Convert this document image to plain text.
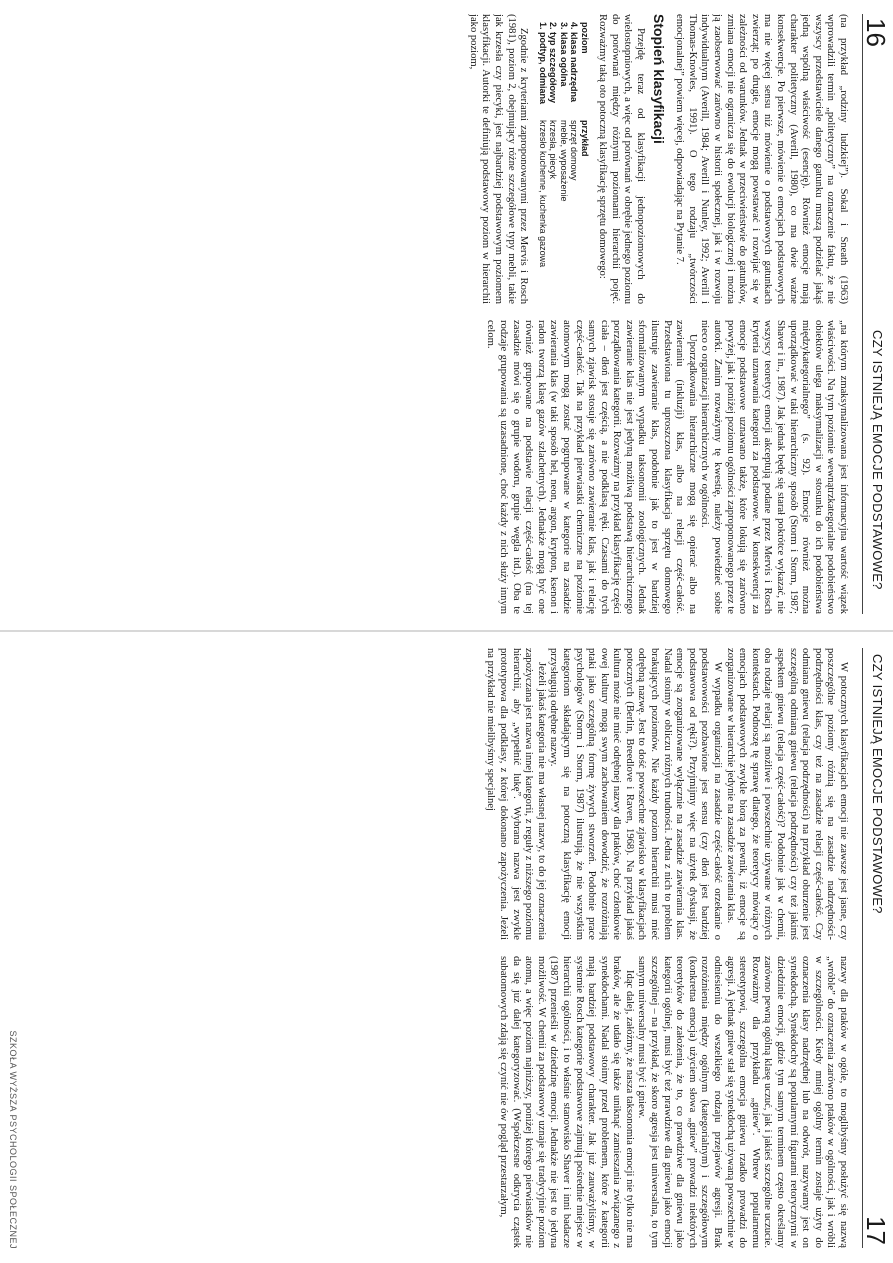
16
CZY ISTNIEJĄ EMOCJE PODSTAWOWE?

(na przykład „rodziny ludzkiej”). Sokal i Sneath (1963) wprowadzili termin „politetyczny” na oznaczenie faktu, że nie wszyscy przedstawiciele danego gatunku muszą podzielać jakąś jedną wspólną właściwość (esencję). Również emocje mają charakter politetyczny (Averill, 1980), co ma dwie ważne konsekwencje. Po pierwsze, mówienie o emocjach podstawowych ma nie więcej sensu niż mówienie o podstawowych gatunkach zwierząt; po drugie, emocje mogą powstawać i rozwijać się w zależności od warunków. Jednak w przeciwieństwie do gatunków, zmiana emocji nie ogranicza się do ewolucji biologicznej i można ją zaobserwować zarówno w historii społecznej, jak i w rozwoju indywidualnym (Averill, 1984; Averill i Nunley, 1992; Averill i Thomas-Knowles, 1991). O tego rodzaju „twórczości emocjonalnej” powiem więcej, odpowiadając na Pytanie 7.

Stopień klasyfikacji

Przejdę teraz od klasyfikacji jednopoziomowych do wielostopniowych, a więc od porównań w obrębie jednego poziomu do porównań między różnymi poziomami hierarchii pojęć. Rozważmy taką oto potoczną klasyfikację sprzętu domowego:

poziom	przykład
4. klasa nadrzędna	sprzęt domowy
3. klasa ogólna	meble, wyposażenie
2. typ szczegółowy	krzesła, piecyk
1. podtyp, odmiana	krzesło kuchenne, kuchenka gazowa

Zgodnie z kryteriami zaproponowanymi przez Mervis i Rosch (1981), poziom 2, obejmujący różne szczegółowe typy mebli, takie jak krzesła czy piecyki, jest najbardziej podstawowym poziomem klasyfikacji. Autorki te definiują podstawowy poziom w hierarchii jako poziom,

„na którym zmaksymalizowana jest informacyjna wartość wiązek właściwości. Na tym poziomie wewnątrzkategorialne podobieństwo obiektów ulega maksymalizacji w stosunku do ich podobieństwa międzykategorialnego” (s. 92). Emocje również można uporządkować w taki hierarchiczny sposób (Storm i Storm, 1987; Shaver i in., 1987). Jak jednak będę się starał pokrótce wykazać, nie wszyscy teoretycy emocji akceptują podane przez Mervis i Rosch kryteria uznawania kategorii za podstawowe. W konsekwencji za emocje podstawowe uznawano także, które lokują się zarówno powyżej, jak i poniżej poziomu ogólności zaproponowanego przez te autorki. Zanim rozważymy tę kwestię, należy powiedzieć sobie nieco o organizacji hierarchicznych w ogólności.

Uporządkowania hierarchiczne mogą się opierać albo na zawieraniu (inkluzji) klas, albo na relacji część-całość. Przedstawiona tu uproszczona klasyfikacja sprzętu domowego ilustruje zawieranie klas, podobnie jak to jest w bardziej sformalizowanym wypadku taksonomii zoologicznych. Jednak zawieranie klas nie jest jedyną możliwą podstawą hierarchicznego porządkowania kategorii. Rozważmy na przykład klasyfikację części ciała – dłoń jest częścią, a nie podklasą ręki. Czasami do tych samych zjawisk stosuje się zarówno zawieranie klas, jak i relację część-całość. Tak na przykład pierwiastki chemiczne na poziomie atomowym mogą zostać pogrupowane w kategorie na zasadzie zawierania klas (w taki sposób hel, neon, argon, krypton, ksenon i radon tworzą klasę gazów szlachetnych). Jednakże mogą być one również grupowane na podstawie relacji część-całość (na tej zasadzie mówi się o grupie wodoru, grupie węgla itd.). Oba te rodzaje grupowania są uzasadnione, choć każdy z nich służy innym celom.

CZY ISTNIEJĄ EMOCJE PODSTAWOWE?
17

W potocznych klasyfikacjach emocji nie zawsze jest jasne, czy poszczególne poziomy różnią się na zasadzie nadrzędności-podrzędności klas, czy też na zasadzie relacji część-całość. Czy odmiana gniewu (relacja podrzędności) na przykład oburzenie jest szczególną odmianą gniewu (relacja podrzędności) czy też jakimś aspektem gniewu (relacja część-całość)? Podobnie jak w chemii, oba rodzaje relacji są możliwe i powszechnie używane w różnych kontekstach. Podnoszę tę sprawę dlatego, że teoretycy mówiący o emocjach podstawowych zwykle biorą za pewnik, iż emocje są zorganizowane w hierarchie jedynie na zasadzie zawierania klas.

W wypadku organizacji na zasadzie część-całość orzekanie o podstawowości pozbawione jest sensu (czy dłoń jest bardziej podstawowa od ręki?). Przyjmijmy więc na użytek dyskusji, że emocje są zorganizowane wyłącznie na zasadzie zawierania klas. Nadal stoimy w obliczu różnych trudności. Jedna z nich to problem brakujących poziomów. Nie każdy poziom hierarchii musi mieć odrębną nazwę. Jest to dość powszechne zjawisko w klasyfikacjach potocznych (Berlin, Breedlove i Raven, 1968). Na przykład jakaś kultura może nie mieć odrębnej nazwy dla ptaków, choć członkowie owej kultury mogą swym zachowaniem dowodzić, że rozróżniają ptaki jako szczególną formę żywych stworzeń. Podobnie prace psychologów (Storm i Storm, 1987) ilustrują, że nie wszystkim kategoriom składającym się na potoczną klasyfikację emocji przysługują odrębne nazwy.

Jeżeli jakaś kategoria nie ma własnej nazwy, to do jej oznaczenia zapożyczana jest nazwa innej kategorii, z reguły z niższego poziomu hierarchii, aby „wypełnić lukę”. Wybrana nazwa jest zwykle prototypowa dla podklasy, z której dokonano zapożyczenia. Jeżeli na przykład nie mielibyśmy specjalnej

nazwy dla ptaków w ogóle, to moglibyśmy posłużyć się nazwą „wróble” do oznaczenia zarówno ptaków w ogólności, jak i wróbli w szczególności. Kiedy mniej ogólny termin zostaje użyty do oznaczenia klasy nadrzędnej lub na odwrót, nazywamy jest on synekdochą. Synekdochy są popularnymi figurami retorycznymi w dziedzinie emocji, gdzie tym samym terminem często określamy zarówno pewną ogólną klasę uczuć, jak i jakieś szczególne uczucie. Rozważmy dla przykładu „gniew”. Wbrew popularnemu stereotypowi, szczególna emocja gniewu rzadko prowadzi do agresji. A jednak gniew stał się synekdochą używaną powszechnie w odniesieniu do wszelkiego rodzaju przejawów agresji. Brak rozróżnienia między ogólnym (kategorialnym) i szczegółowym (konkretna emocja) użyciem słowa „gniew” prowadzi niektórych teoretyków do założenia, że to, co prawdziwe dla gniewu jako kategorii ogólnej, musi być też prawdziwe dla gniewu jako emocji szczególnej – na przykład, że skoro agresja jest uniwersalna, to tym samym uniwersalny musi być i gniew.

Idąc dalej, załóżmy, że nasza taksonomia emocji nie tylko nie ma braków, ale że udało się także uniknąć zamieszania związanego z synekdochami. Nadal stoimy przed problemem, które z kategorii mają bardziej podstawowy charakter. Jak już zauważyliśmy, w systemie Rosch kategorie podstawowe zajmują pośrednie miejsce w hierarchii ogólności, i to właśnie stanowisko Shaver i inni badacze (1987) przenieśli w dziedzinę emocji. Jednakże nie jest to jedyna możliwość. W chemii za podstawowy uznaje się tradycyjnie poziom atomu, a więc poziom najniższy, poniżej którego pierwiastków nie da się już dalej kategoryzować. (Współczesne odkrycia cząstek subatomowych zdają się czynić nie ów pogląd przestarzałym,

SZKOŁA WYŻSZA PSYCHOLOGII SPOŁECZNEJ
